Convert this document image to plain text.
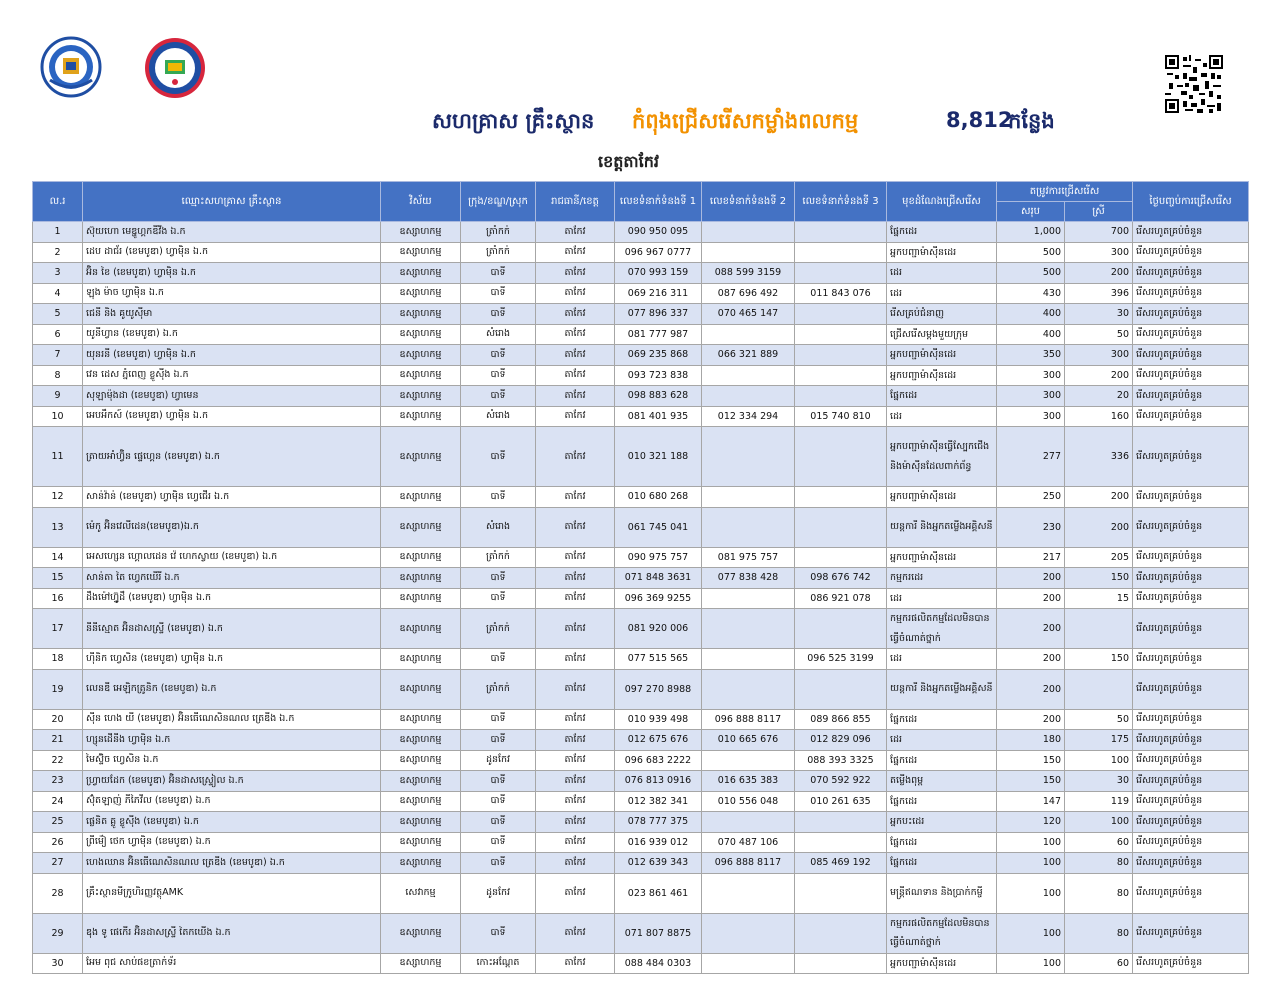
សហគ្រាស គ្រឹះស្ថាន កំពុងជ្រើសរើសកម្លាំងពលកម្ម	8,812
កន្លែង
ខេត្តតាកែវ
ល.រ	ឈ្មោះសហគ្រាស គ្រឹះស្ថាន	វិស័យ	ក្រុង/ខណ្ឌ/ស្រុក	រាជធានី/ខេត្ត	លេខទំនាក់ទំនងទី 1	លេខទំនាក់ទំនងទី 2	លេខទំនាក់ទំនងទី 3	មុខដំណែងជ្រើសរើស	តម្រូវការជ្រើសរើស		ថ្ងៃបញ្ចប់ការជ្រើសរើស
									សរុប	ស្រី	
1	ស៊ុយហោ មេឌ្ហូហ្គកឌីវីង ឯ.ក	ឧស្សាហកម្ម	ត្រាំកក់	តាកែវ	090 950 095			ផ្នែកដេរ	1,000	700	រើសរហូតគ្រប់ចំនួន
2	ដេប ដាជ័រ (ខេមបូឌា) ហ្វាម៉ិន ឯ.ក	ឧស្សាហកម្ម	ត្រាំកក់	តាកែវ	096 967 0777			អ្នកបញ្ជាម៉ាស៊ីនដេរ	500	300	រើសរហូតគ្រប់ចំនួន
3	អ៊ិន ខៃ (ខេមបូឌា) ហ្វាម៉ិន ឯ.ក	ឧស្សាហកម្ម	បាទី	តាកែវ	070 993 159	088 599 3159		ដេរ	500	200	រើសរហូតគ្រប់ចំនួន
4	ឡុង ម៉ាច ហ្វាម៉ិន ឯ.ក	ឧស្សាហកម្ម	បាទី	តាកែវ	069 216 311	087 696 492	011 843 076	ដេរ	430	396	រើសរហូតគ្រប់ចំនួន
5	ជេនី និង គូយូស៊ីមា	ឧស្សាហកម្ម	បាទី	តាកែវ	077 896 337	070 465 147		រើសគ្រប់ជំនាញ	400	30	រើសរហូតគ្រប់ចំនួន
6	យូនីហ្វាន (ខេមបូឌា) ឯ.ក	ឧស្សាហកម្ម	សំរោង	តាកែវ	081 777 987			ជ្រើសរើសម្ដងមួយក្រុម	400	50	រើសរហូតគ្រប់ចំនួន
7	យុនរនី (ខេមបូឌា) ហ្វាម៉ិន ឯ.ក	ឧស្សាហកម្ម	បាទី	តាកែវ	069 235 868	066 321 889		អ្នកបញ្ជាម៉ាស៊ីនដេរ	350	300	រើសរហូតគ្រប់ចំនួន
8	វេន ដេស ភ្នំពេញ ខ្លូស៊ីង ឯ.ក	ឧស្សាហកម្ម	បាទី	តាកែវ	093 723 838			អ្នកបញ្ជាម៉ាស៊ីនដេរ	300	200	រើសរហូតគ្រប់ចំនួន
9	សុឡាម៉ុងដា (ខេមបូឌា) ហ្វាមេន	ឧស្សាហកម្ម	បាទី	តាកែវ	098 883 628			ផ្នែកដេរ	300	20	រើសរហូតគ្រប់ចំនួន
10	អេបអឹកស៍ (ខេមបូឌា) ហ្វាម៉ិន ឯ.ក	ឧស្សាហកម្ម	សំរោង	តាកែវ	081 401 935	012 334 294	015 740 810	ដេរ	300	160	រើសរហូតគ្រប់ចំនួន
11	ត្រាយអាំហ្វ៊ិន ផ្ទេហ្គេន (ខេមបូឌា) ឯ.ក	ឧស្សាហកម្ម	បាទី	តាកែវ	010 321 188			អ្នកបញ្ជាម៉ាស៊ីនធ្វើស្បែកជើង និងម៉ាស៊ីនដែលពាក់ព័ន្ធ	277	336	រើសរហូតគ្រប់ចំនួន
12	សាន់វ៉ាន់ (ខេមបូឌា) ហ្វាម៉ិន ហ្វេជើរ ឯ.ក	ឧស្សាហកម្ម	បាទី	តាកែវ	010 680 268			អ្នកបញ្ជាម៉ាស៊ីនដេរ	250	200	រើសរហូតគ្រប់ចំនួន
13	ម៉េកូ អ៊ិនវេលីដេន(ខេមបូឌា)ឯ.ក	ឧស្សាហកម្ម	សំរោង	តាកែវ	061 745 041			យន្តការី និងអ្នកតម្លើងអគ្គិសនី	230	200	រើសរហូតគ្រប់ចំនួន
14	អេសហ្សេន ហ្គោលដេន វ៉េ ហេកស្វាយ (ខេមបូឌា) ឯ.ក	ឧស្សាហកម្ម	ត្រាំកក់	តាកែវ	090 975 757	081 975 757		អ្នកបញ្ជាម៉ាស៊ីនដេរ	217	205	រើសរហូតគ្រប់ចំនួន
15	សាន់តា តៃ ហ្វេកឃើរី ឯ.ក	ឧស្សាហកម្ម	បាទី	តាកែវ	071 848 3631	077 838 428	098 676 742	កម្មករដេរ	200	150	រើសរហូតគ្រប់ចំនួន
16	ដឹងម៉ៅហ្វ៊ូដឹ (ខេមបូឌា) ហ្វាម៉ិន ឯ.ក	ឧស្សាហកម្ម	បាទី	តាកែវ	096 369 9255		086 921 078	ដេរ	200	15	រើសរហូតគ្រប់ចំនួន
17	នីនីស្មោត អ៊ិនដាសស្រ្ទី (ខេមបូឌា) ឯ.ក	ឧស្សាហកម្ម	ត្រាំកក់	តាកែវ	081 920 006			កម្មករផលិតកម្មដែលមិនបានធ្វើចំណាត់ថ្នាក់	200		រើសរហូតគ្រប់ចំនួន
18	ហ៊ីនិក ហ្វេសិន (ខេមបូឌា) ហ្វាម៉ិន ឯ.ក	ឧស្សាហកម្ម	បាទី	តាកែវ	077 515 565		096 525 3199	ដេរ	200	150	រើសរហូតគ្រប់ចំនួន
19	លេនឌី អេឡិកត្រូនិក (ខេមបូឌា) ឯ.ក	ឧស្សាហកម្ម	ត្រាំកក់	តាកែវ	097 270 8988			យន្តការី និងអ្នកតម្លើងអគ្គិសនី	200		រើសរហូតគ្រប់ចំនួន
20	ស៊ីន ហេង យី (ខេមបូឌា) អ៊ិនធើណេសិនណល ត្រេឌីង ឯ.ក	ឧស្សាហកម្ម	បាទី	តាកែវ	010 939 498	096 888 8117	089 866 855	ផ្នែកដេរ	200	50	រើសរហូតគ្រប់ចំនួន
21	ហ្សុនដើនីង ហ្វាម៉ិន ឯ.ក	ឧស្សាហកម្ម	បាទី	តាកែវ	012 675 676	010 665 676	012 829 096	ដេរ	180	175	រើសរហូតគ្រប់ចំនួន
22	មៃស៊្ទិច ហ្វេសិន ឯ.ក	ឧស្សាហកម្ម	ដូនកែវ	តាកែវ	096 683 2222		088 393 3325	ផ្នែកដេរ	150	100	រើសរហូតគ្រប់ចំនួន
23	ហ្វ្រាយដែក (ខេមបូឌា) អ៊ិនដាសស្ទ្រៀល ឯ.ក	ឧស្សាហកម្ម	បាទី	តាកែវ	076 813 0916	016 635 383	070 592 922	តម្លើងពុម្ព	150	30	រើសរហូតគ្រប់ចំនួន
24	ស៊ុំតឡាញ់ ភីភៃវីល (ខេមបូឌា) ឯ.ក	ឧស្សាហកម្ម	បាទី	តាកែវ	012 382 341	010 556 048	010 261 635	ផ្នែកដេរ	147	119	រើសរហូតគ្រប់ចំនួន
25	ផ្លេនិត គ្លូ ខ្លូស៊ីង (ខេមបូឌា) ឯ.ក	ឧស្សាហកម្ម	បាទី	តាកែវ	078 777 375			អ្នកបះដេរ	120	100	រើសរហូតគ្រប់ចំនួន
26	ព្រីម៉ៀ ថេក ហ្វាម៉ិន (ខេមបូឌា) ឯ.ក	ឧស្សាហកម្ម	បាទី	តាកែវ	016 939 012	070 487 106		ផ្នែកដេរ	100	60	រើសរហូតគ្រប់ចំនួន
27	ហេងឈាន អ៊ិនធើណេសិនណល ត្រេឌីង (ខេមបូឌា) ឯ.ក	ឧស្សាហកម្ម	បាទី	តាកែវ	012 639 343	096 888 8117	085 469 192	ផ្នែកដេរ	100	80	រើសរហូតគ្រប់ចំនួន
28	គ្រឹះស្ថានមីក្រូហិរញ្ញវត្ថុAMK	សេវាកម្ម	ដូនកែវ	តាកែវ	023 861 461			មន្ត្រីឥណទាន និងប្រាក់កម្ចី	100	80	រើសរហូតគ្រប់ចំនួន
29	ឌុង ទូ ផេកើរ អ៊ិនដាសស្ទ្រី តៃកឃើង ឯ.ក	ឧស្សាហកម្ម	បាទី	តាកែវ	071 807 8875			កម្មករផលិតកម្មដែលមិនបានធ្វើចំណាត់ថ្នាក់	100	80	រើសរហូតគ្រប់ចំនួន
30	អែម ពុជ សាប់ផខត្រាក់ទ័រ	ឧស្សាហកម្ម	កោះអណ្តែត	តាកែវ	088 484 0303			អ្នកបញ្ជាម៉ាស៊ីនដេរ	100	60	រើសរហូតគ្រប់ចំនួន
